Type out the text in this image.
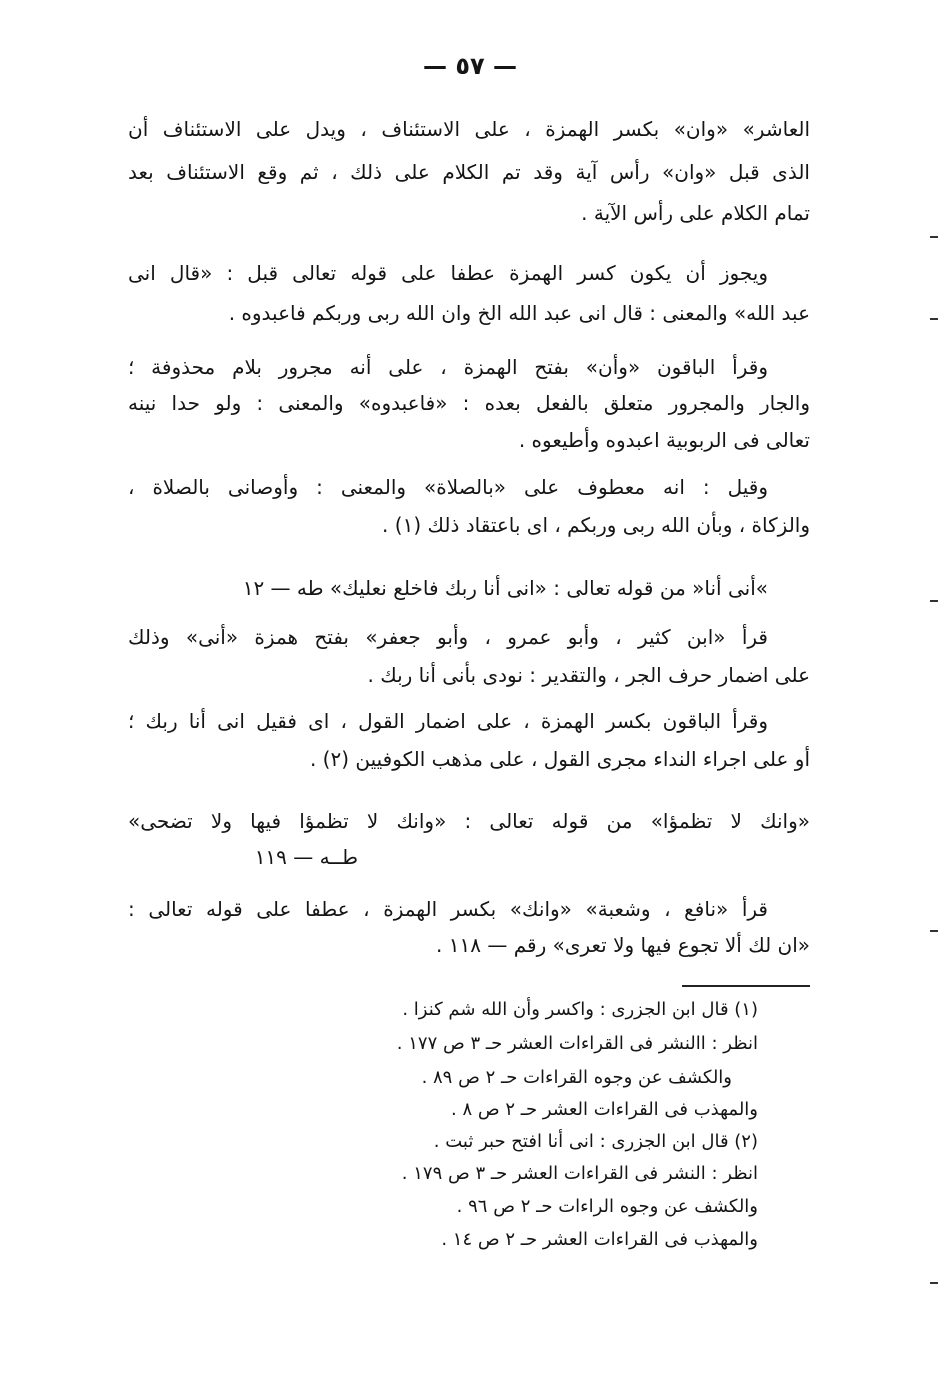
— ٥٧ —
العاشر» «وان» بكسر الهمزة ، على الاستئناف ، ويدل على الاستئناف أن
الذى قبل «وان» رأس آية وقد تم الكلام على ذلك ، ثم وقع الاستئناف بعد
تمام الكلام على رأس الآية .
ويجوز أن يكون كسر الهمزة عطفا على قوله تعالى قبل : «قال انى
عبد الله» والمعنى : قال انى عبد الله الخ وان الله ربى وربكم فاعبدوه .
وقرأ الباقون «وأن» بفتح الهمزة ، على أنه مجرور بلام محذوفة ؛
والجار والمجرور متعلق بالفعل بعده : «فاعبدوه» والمعنى : ولو حدا نينه
تعالى فى الربوبية اعبدوه وأطيعوه .
وقيل : انه معطوف على «بالصلاة» والمعنى : وأوصانى بالصلاة ،
والزكاة ، وبأن الله ربى وربكم ، اى باعتقاد ذلك (١) .
»أنى أنا« من قوله تعالى : «انى أنا ربك فاخلع نعليك» طه — ١٢
قرأ «ابن كثير ، وأبو عمرو ، وأبو جعفر» بفتح همزة «أنى» وذلك
على اضمار حرف الجر ، والتقدير : نودى بأنى أنا ربك .
وقرأ الباقون بكسر الهمزة ، على اضمار القول ، اى فقيل انى أنا ربك ؛
أو على اجراء النداء مجرى القول ، على مذهب الكوفيين (٢) .
«وانك لا تظمؤا» من قوله تعالى : «وانك لا تظمؤا فيها ولا تضحى»
طــه — ١١٩
قرأ «نافع ، وشعبة» «وانك» بكسر الهمزة ، عطفا على قوله تعالى :
«ان لك ألا تجوع فيها ولا تعرى» رقم — ١١٨ .
(١) قال ابن الجزرى : واكسر وأن الله شم كنزا .
انظر : االنشر فى القراءات العشر حـ ٣ ص ١٧٧ .
والكشف عن وجوه القراءات حـ ٢ ص ٨٩ .
والمهذب فى القراءات العشر حـ ٢ ص ٨ .
(٢) قال ابن الجزرى : انى أنا افتح حبر ثبت .
انظر : النشر فى القراءات العشر حـ ٣ ص ١٧٩ .
والكشف عن وجوه الراءات حـ ٢ ص ٩٦ .
والمهذب فى القراءات العشر حـ ٢ ص ١٤ .
